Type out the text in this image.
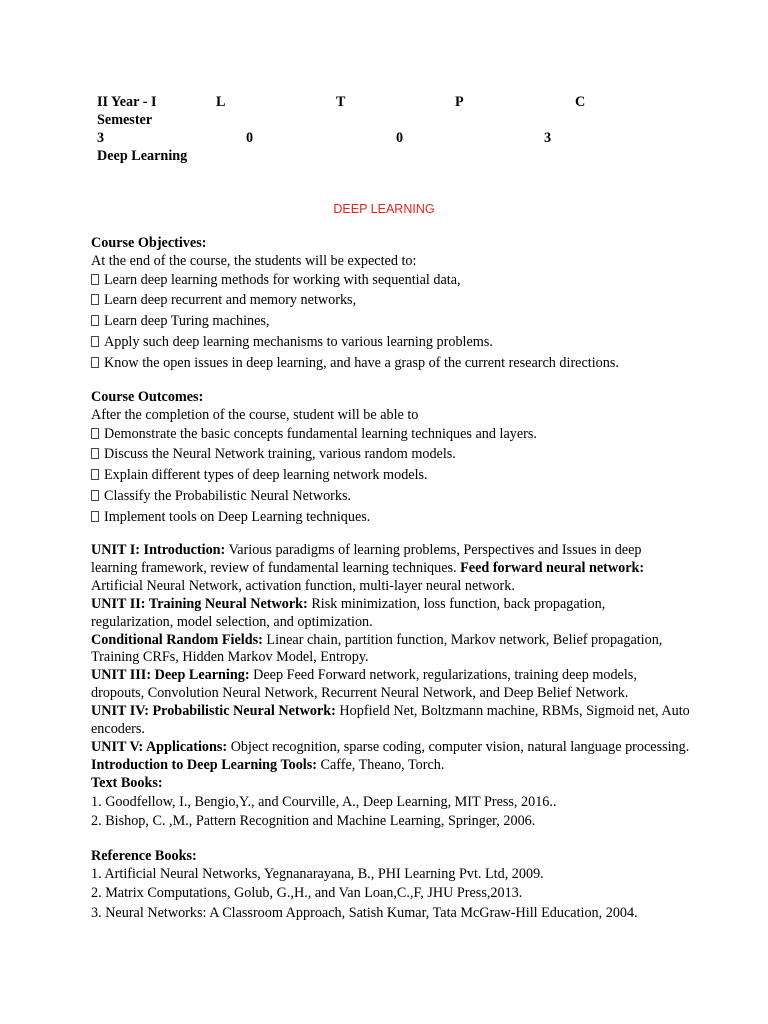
II Year - I
Semester
L	T	P	C
3	0	0	3
Deep Learning
DEEP LEARNING
Course Objectives:
At the end of the course, the students will be expected to:
Learn deep learning methods for working with sequential data,
Learn deep recurrent and memory networks,
Learn deep Turing machines,
Apply such deep learning mechanisms to various learning problems.
Know the open issues in deep learning, and have a grasp of the current research directions.
Course Outcomes:
After the completion of the course, student will be able to
Demonstrate the basic concepts fundamental learning techniques and layers.
Discuss the Neural Network training, various random models.
Explain different types of deep learning network models.
Classify the Probabilistic Neural Networks.
Implement tools on Deep Learning techniques.

UNIT I: Introduction: Various paradigms of learning problems, Perspectives and Issues in deep learning framework, review of fundamental learning techniques. Feed forward neural network: Artificial Neural Network, activation function, multi-layer neural network.

UNIT II: Training Neural Network: Risk minimization, loss function, back propagation, regularization, model selection, and optimization.

Conditional Random Fields: Linear chain, partition function, Markov network, Belief propagation, Training CRFs, Hidden Markov Model, Entropy.

UNIT III: Deep Learning: Deep Feed Forward network, regularizations, training deep models, dropouts, Convolution Neural Network, Recurrent Neural Network, and Deep Belief Network.

UNIT IV: Probabilistic Neural Network: Hopfield Net, Boltzmann machine, RBMs, Sigmoid net, Auto encoders.

UNIT V: Applications: Object recognition, sparse coding, computer vision, natural language processing. Introduction to Deep Learning Tools: Caffe, Theano, Torch.

Text Books:
1. Goodfellow, I., Bengio,Y., and Courville, A., Deep Learning, MIT Press, 2016..
2. Bishop, C. ,M., Pattern Recognition and Machine Learning, Springer, 2006.
Reference Books:
1. Artificial Neural Networks, Yegnanarayana, B., PHI Learning Pvt. Ltd, 2009.
2. Matrix Computations, Golub, G.,H., and Van Loan,C.,F, JHU Press,2013.
3. Neural Networks: A Classroom Approach, Satish Kumar, Tata McGraw-Hill Education, 2004.
